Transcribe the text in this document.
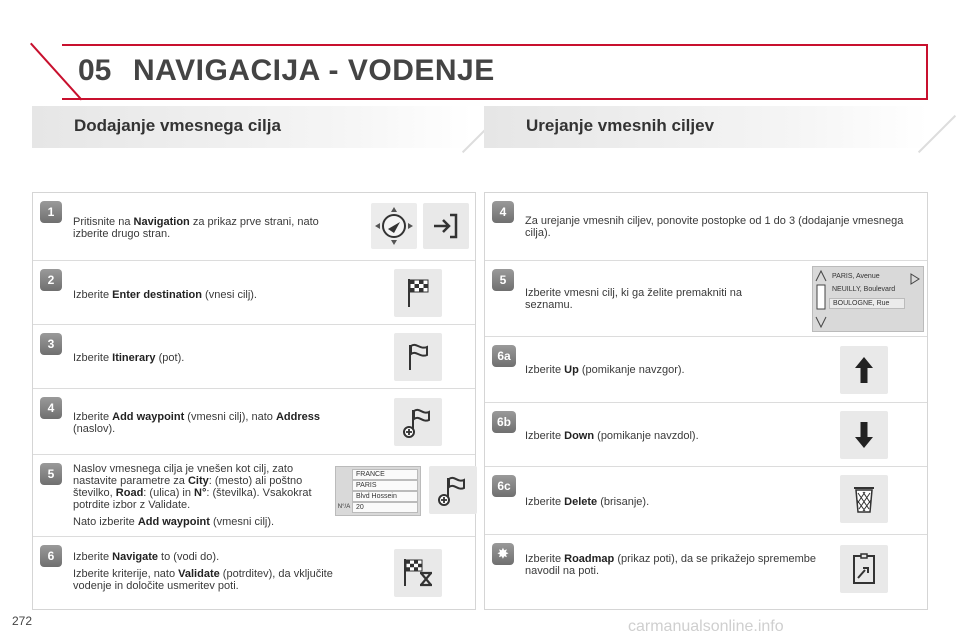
05 NAVIGACIJA - VODENJE
Dodajanje vmesnega cilja	Urejanje vmesnih ciljev
1
Pritisnite na Navigation za prikaz prve strani, nato izberite drugo stran.
2
Izberite Enter destination (vnesi cilj).
3
Izberite Itinerary (pot).
4
Izberite Add waypoint (vmesni cilj), nato Address (naslov).
5	Naslov vmesnega cilja je vnešen kot cilj, zato nastavite parametre za City: (mesto) ali poštno številko, Road: (ulica) in N°: (številka). Vsakokrat potrdite izbor z Validate.

Nato izberite Add waypoint (vmesni cilj).

FRANCE
PARIS
Blvd Hossein
20
N°/A
6	Izberite Navigate to (vodi do).

Izberite kriterije, nato Validate (potrditev), da vključite vodenje in določite usmeritev poti.

4
Za urejanje vmesnih ciljev, ponovite postopke od 1 do 3 (dodajanje vmesnega cilja).
5
Izberite vmesni cilj, ki ga želite premakniti na seznamu.
PARIS, Avenue
NEUILLY, Boulevard
BOULOGNE, Rue
6a
Izberite Up (pomikanje navzgor).
6b
Izberite Down (pomikanje navzdol).
6c
Izberite Delete (brisanje).
✸	Izberite Roadmap (prikaz poti), da se prikažejo spremembe navodil na poti.
272	carmanualsonline.info
